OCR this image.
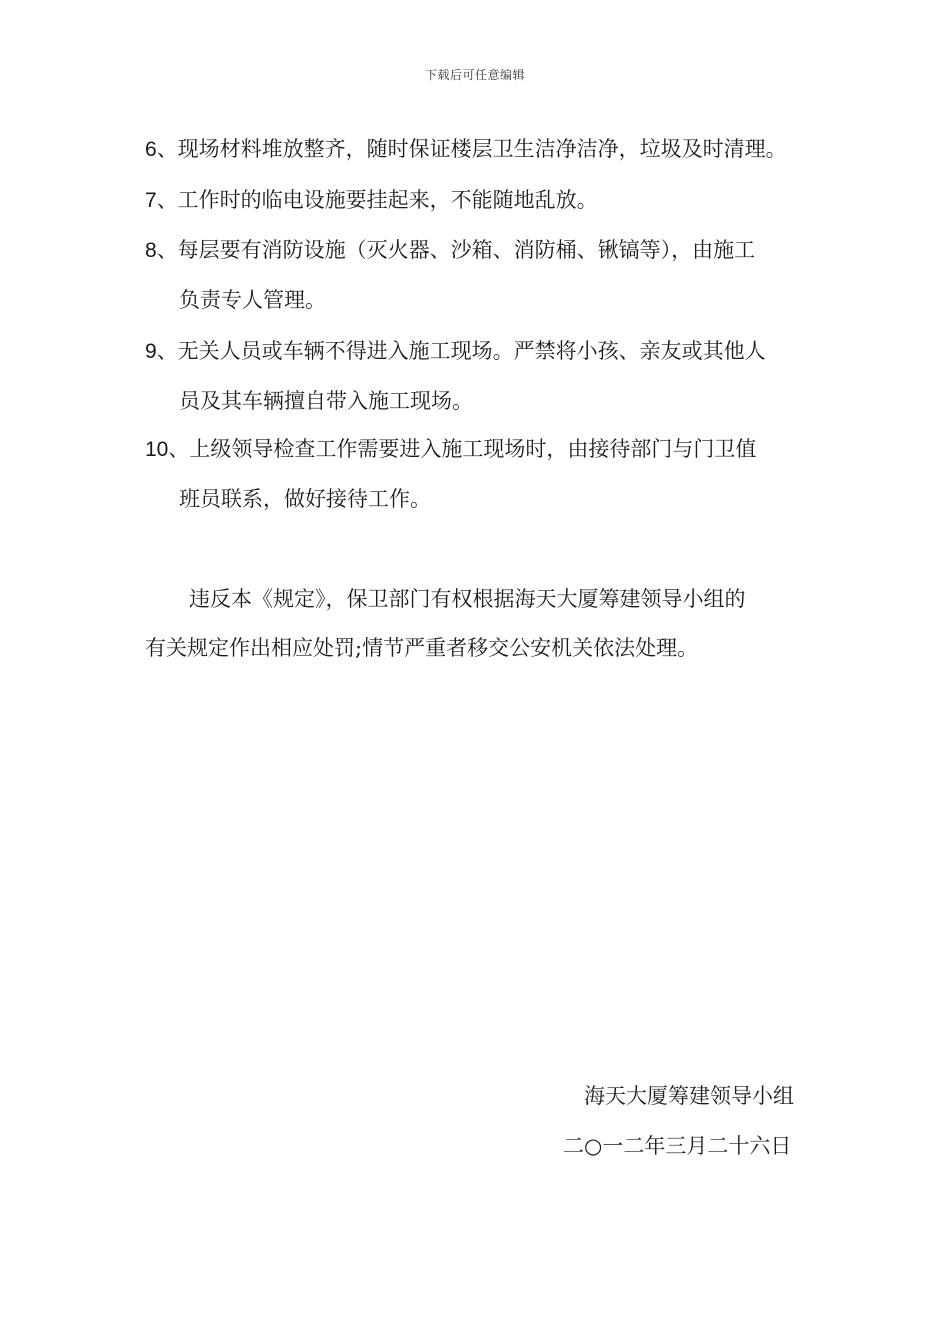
下载后可任意编辑
6、现场材料堆放整齐，随时保证楼层卫生洁净洁净，垃圾及时清理。
7、工作时的临电设施要挂起来，不能随地乱放。
8、每层要有消防设施（灭火器、沙箱、消防桶、锹镐等），由施工
负责专人管理。
9、无关人员或车辆不得进入施工现场。严禁将小孩、亲友或其他人
员及其车辆擅自带入施工现场。
10、上级领导检查工作需要进入施工现场时，由接待部门与门卫值
班员联系，做好接待工作。
违反本《规定》，保卫部门有权根据海天大厦筹建领导小组的
有关规定作出相应处罚;情节严重者移交公安机关依法处理。
海天大厦筹建领导小组
二○一二年三月二十六日
